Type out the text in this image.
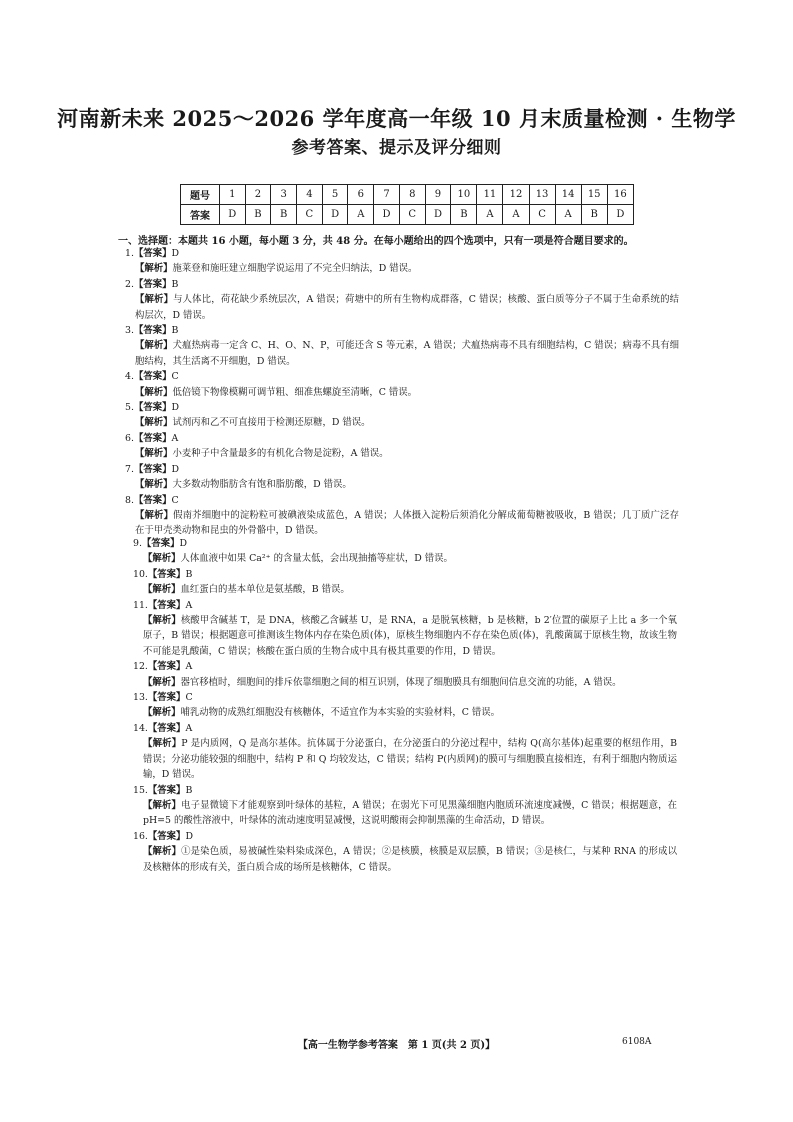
河南新未来 2025～2026 学年度高一年级 10 月末质量检测 · 生物学
参考答案、提示及评分细则
题号	1	2	3	4	5	6	7	8	9	10	11	12	13	14	15	16
答案	D	B	B	C	D	A	D	C	D	B	A	A	C	A	B	D
一、选择题：本题共 16 小题，每小题 3 分，共 48 分。在每小题给出的四个选项中，只有一项是符合题目要求的。

1.【答案】D

【解析】施莱登和施旺建立细胞学说运用了不完全归纳法，D 错误。

2.【答案】B

【解析】与人体比，荷花缺少系统层次，A 错误；荷塘中的所有生物构成群落，C 错误；核酸、蛋白质等分子不属于生命系统的结构层次，D 错误。

3.【答案】B

【解析】犬瘟热病毒一定含 C、H、O、N、P，可能还含 S 等元素，A 错误；犬瘟热病毒不具有细胞结构，C 错误；病毒不具有细胞结构，其生活离不开细胞，D 错误。

4.【答案】C

【解析】低倍镜下物像模糊可调节粗、细准焦螺旋至清晰，C 错误。

5.【答案】D

【解析】试剂丙和乙不可直接用于检测还原糖，D 错误。

6.【答案】A

【解析】小麦种子中含量最多的有机化合物是淀粉，A 错误。

7.【答案】D

【解析】大多数动物脂肪含有饱和脂肪酸，D 错误。

8.【答案】C

【解析】假南芥细胞中的淀粉粒可被碘液染成蓝色，A 错误；人体摄入淀粉后须消化分解成葡萄糖被吸收，B 错误；几丁质广泛存在于甲壳类动物和昆虫的外骨骼中，D 错误。

9.【答案】D

【解析】人体血液中如果 Ca²⁺ 的含量太低，会出现抽搐等症状，D 错误。

10.【答案】B

【解析】血红蛋白的基本单位是氨基酸，B 错误。

11.【答案】A

【解析】核酸甲含碱基 T，是 DNA，核酸乙含碱基 U，是 RNA，a 是脱氧核糖，b 是核糖，b 2′位置的碳原子上比 a 多一个氧原子，B 错误；根据题意可推测该生物体内存在染色质(体)，原核生物细胞内不存在染色质(体)，乳酸菌属于原核生物，故该生物不可能是乳酸菌，C 错误；核酸在蛋白质的生物合成中具有极其重要的作用，D 错误。

12.【答案】A

【解析】器官移植时，细胞间的排斥依靠细胞之间的相互识别，体现了细胞膜具有细胞间信息交流的功能，A 错误。

13.【答案】C

【解析】哺乳动物的成熟红细胞没有核糖体，不适宜作为本实验的实验材料，C 错误。

14.【答案】A

【解析】P 是内质网，Q 是高尔基体。抗体属于分泌蛋白，在分泌蛋白的分泌过程中，结构 Q(高尔基体)起重要的枢纽作用，B 错误；分泌功能较强的细胞中，结构 P 和 Q 均较发达，C 错误；结构 P(内质网)的膜可与细胞膜直接相连，有利于细胞内物质运输，D 错误。

15.【答案】B

【解析】电子显微镜下才能观察到叶绿体的基粒，A 错误；在弱光下可见黑藻细胞内胞质环流速度减慢，C 错误；根据题意，在 pH=5 的酸性溶液中，叶绿体的流动速度明显减慢，这说明酸雨会抑制黑藻的生命活动，D 错误。

16.【答案】D

【解析】①是染色质，易被碱性染料染成深色，A 错误；②是核膜，核膜是双层膜，B 错误；③是核仁，与某种 RNA 的形成以及核糖体的形成有关，蛋白质合成的场所是核糖体，C 错误。

【高一生物学参考答案　第 1 页(共 2 页)】	6108A
